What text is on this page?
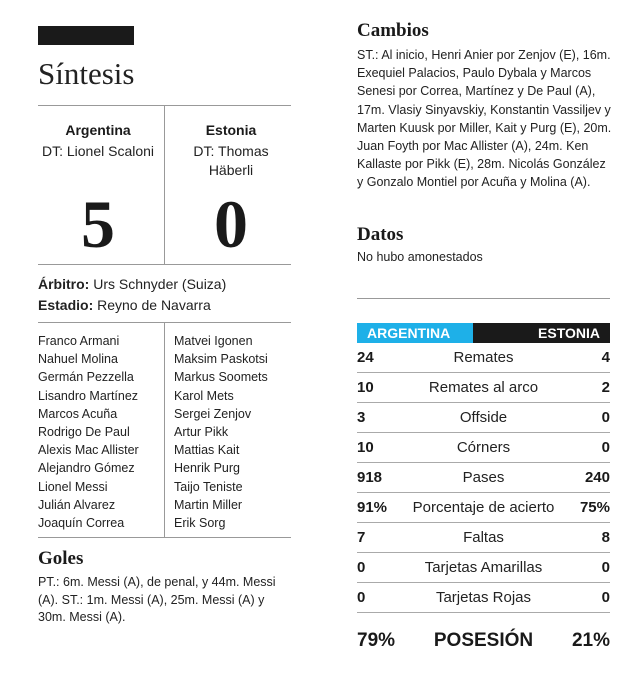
Síntesis
Argentina
DT: Lionel Scaloni
5
Estonia
DT: Thomas Häberli
0
Árbitro: Urs Schnyder (Suiza)
Estadio: Reyno de Navarra
Franco Armani
Nahuel Molina
Germán Pezzella
Lisandro Martínez
Marcos Acuña
Rodrigo De Paul
Alexis Mac Allister
Alejandro Gómez
Lionel Messi
Julián Alvarez
Joaquín Correa
Matvei Igonen
Maksim Paskotsi
Markus Soomets
Karol Mets
Sergei Zenjov
Artur Pikk
Mattias Kait
Henrik Purg
Taijo Teniste
Martin Miller
Erik Sorg
Goles
PT.: 6m. Messi (A), de penal, y 44m. Messi (A). ST.: 1m. Messi (A), 25m. Messi (A) y 30m. Messi (A).
Cambios
ST.: Al inicio, Henri Anier por Zenjov (E), 16m. Exequiel Palacios, Paulo Dybala y Marcos Senesi por Correa, Martínez y De Paul (A), 17m. Vlasiy Sinyavskiy, Konstantin Vassiljev y Marten Kuusk por Miller, Kait y Purg (E), 20m. Juan Foyth por Mac Allister (A), 24m. Ken Kallaste por Pikk (E), 28m. Nicolás González y Gonzalo Montiel por Acuña y Molina (A).
Datos
No hubo amonestados
ARGENTINA	ESTONIA
24	Remates	4
10	Remates al arco	2
3	Offside	0
10	Córners	0
918	Pases	240
91%	Porcentaje de acierto	75%
7	Faltas	8
0	Tarjetas Amarillas	0
0	Tarjetas Rojas	0
79%	POSESIÓN	21%
